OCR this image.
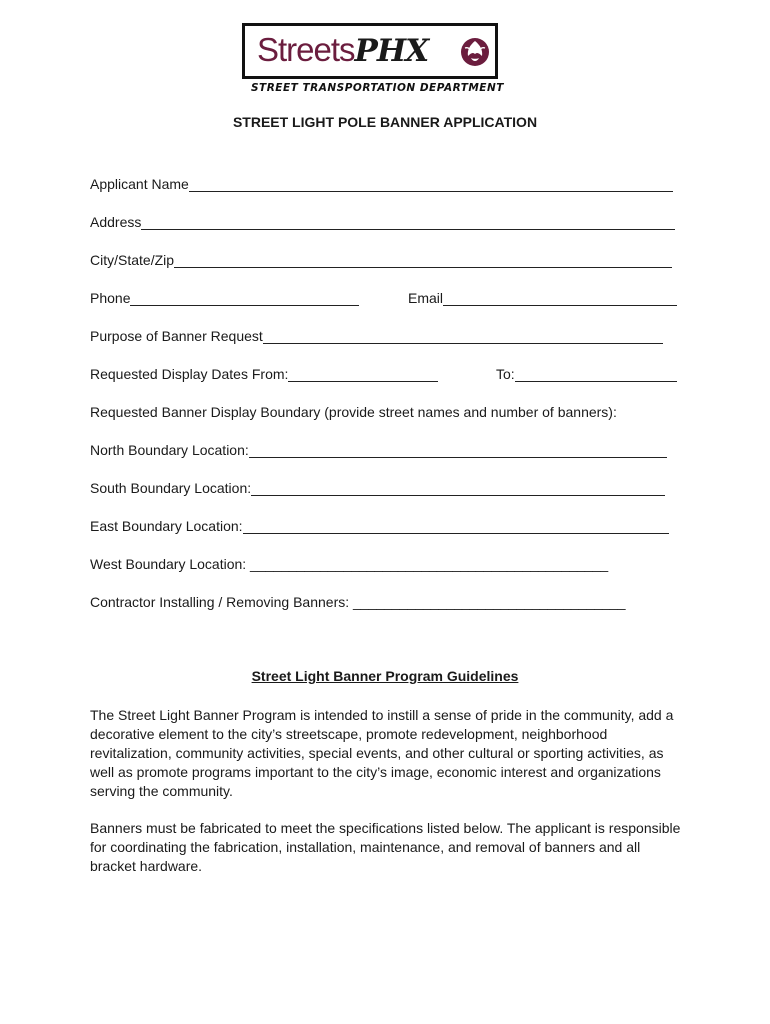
StreetsPHX
STREET TRANSPORTATION DEPARTMENT
STREET LIGHT POLE BANNER APPLICATION
Applicant Name
Address
City/State/Zip
Phone	Email
Purpose of Banner Request
Requested Display Dates From:	To:
Requested Banner Display Boundary (provide street names and number of banners):
North Boundary Location:
South Boundary Location:
East Boundary Location:
West Boundary Location: ______________________________________________
Contractor Installing / Removing Banners: ___________________________________
Street Light Banner Program Guidelines

The Street Light Banner Program is intended to instill a sense of pride in the community, add a decorative element to the city’s streetscape, promote redevelopment, neighborhood revitalization, community activities, special events, and other cultural or sporting activities, as well as promote programs important to the city’s image, economic interest and organizations serving the community.

Banners must be fabricated to meet the specifications listed below. The applicant is responsible for coordinating the fabrication, installation, maintenance, and removal of banners and all bracket hardware.
